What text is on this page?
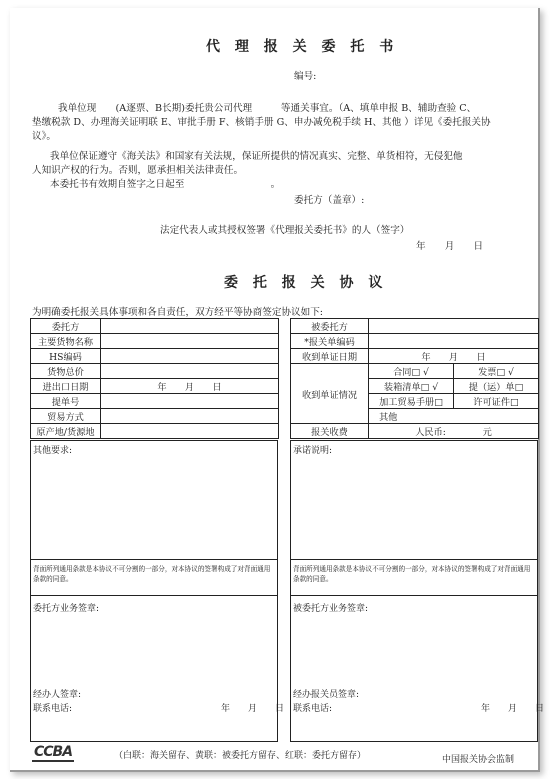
代 理 报 关 委 托 书
编号:
我单位现　　(A逐票、B长期)委托贵公司代理　　　等通关事宜。（A、填单申报 B、辅助查验 C、
垫缴税款 D、办理海关证明联 E、审批手册 F、核销手册 G、申办减免税手续 H、其他 ）详见《委托报关协
议》。
我单位保证遵守《海关法》和国家有关法规，保证所提供的情况真实、完整、单货相符，无侵犯他
人知识产权的行为。否则，愿承担相关法律责任。
本委托书有效期自签字之日起至　　　　　　　　　。
委托方（盖章）:
法定代表人或其授权签署《代理报关委托书》的人（签字）
年　　月　　日
委 托 报 关 协 议
为明确委托报关具体事项和各自责任，双方经平等协商签定协议如下:
委托方	
主要货物名称	
HS编码	
货物总价	
进出口日期	年　　月　　日
提单号	
贸易方式	
原产地/货源地	
被委托方		
*报关单编码		
收到单证日期	年　　月　　日	
收到单证情况	合同□ √	发票□ √
	装箱清单□ √	提（运）单□
	加工贸易手册□	许可证件□
	其他	
报关收费	人民币:　　　　元	
其他要求:
背面所列通用条款是本协议不可分割的一部分，对本协议的签署构成了对背面通用条款的同意。
委托方业务签章:
经办人签章:
联系电话:	年　　月　　日
承诺说明:
背面所列通用条款是本协议不可分割的一部分，对本协议的签署构成了对背面通用条款的同意。
被委托方业务签章:
经办报关员签章:
联系电话:	年　　月　　日
CCBA	（白联：海关留存、黄联：被委托方留存、红联：委托方留存）	中国报关协会监制
